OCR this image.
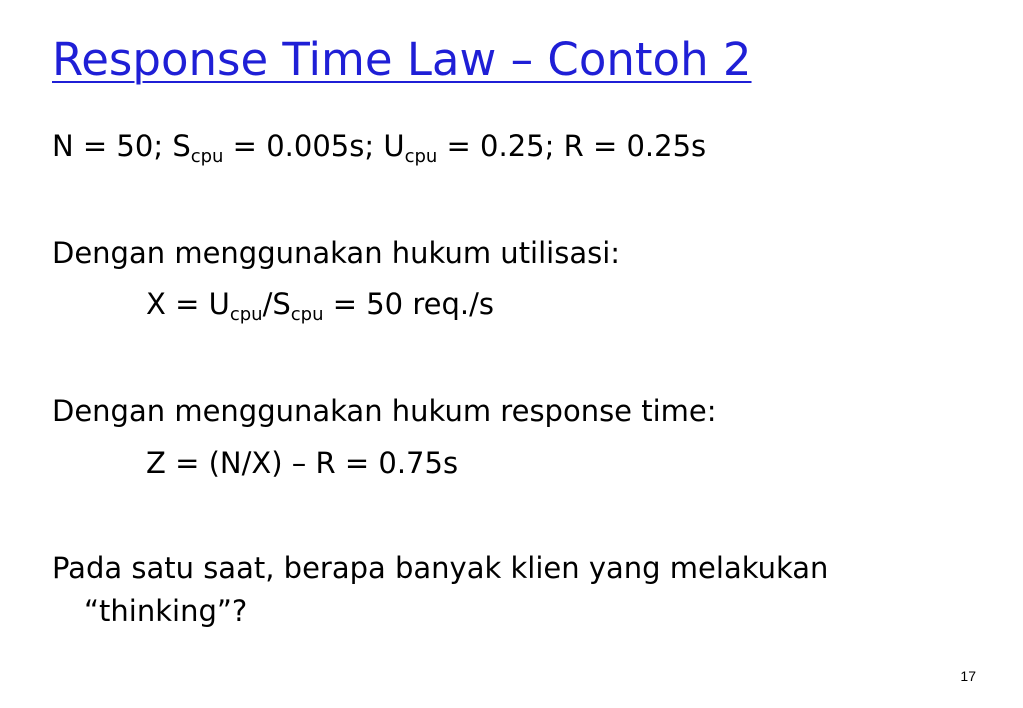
Response Time Law – Contoh 2
N = 50; $S_{cpu} = 0.005s$; $U_{cpu} = 0.25$; R = 0.25s
Dengan menggunakan hukum utilisasi:
$X = U_{cpu}/S_{cpu} = 50$ req./s
Dengan menggunakan hukum response time:
Z = (N/X) – R = 0.75s
Pada satu saat, berapa banyak klien yang melakukan
“thinking”?
17
